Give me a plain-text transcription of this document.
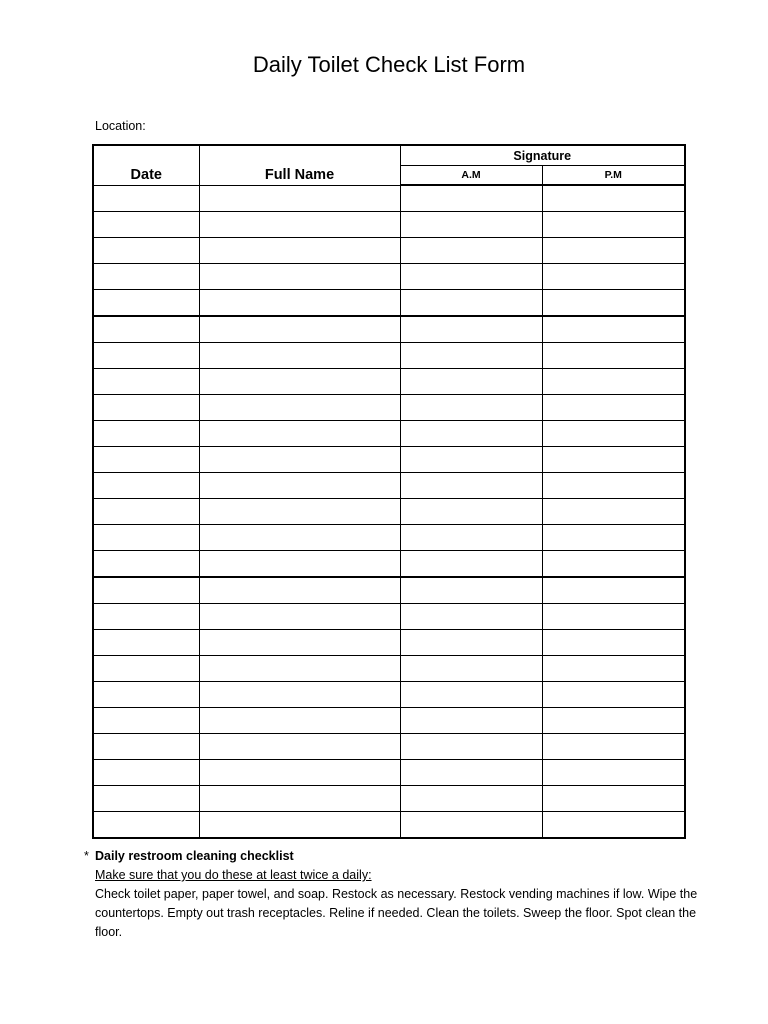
Daily Toilet Check List Form
Location:
Date	Full Name	Signature	
		A.M	P.M

* Daily restroom cleaning checklist
Make sure that you do these at least twice a daily:
Check toilet paper, paper towel, and soap. Restock as necessary. Restock vending machines if low. Wipe the countertops. Empty out trash receptacles. Reline if needed. Clean the toilets. Sweep the floor. Spot clean the floor.
